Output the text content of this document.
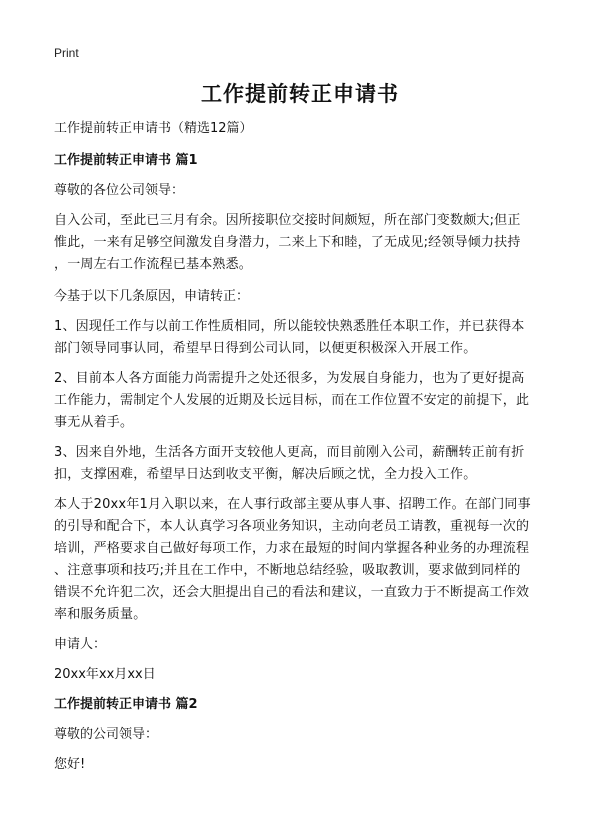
Print
工作提前转正申请书
工作提前转正申请书（精选12篇）
工作提前转正申请书 篇1
尊敬的各位公司领导：
自入公司，至此已三月有余。因所接职位交接时间颇短，所在部门变数颇大;但正
惟此，一来有足够空间激发自身潜力，二来上下和睦，了无成见;经领导倾力扶持
，一周左右工作流程已基本熟悉。
今基于以下几条原因，申请转正：
1、因现任工作与以前工作性质相同，所以能较快熟悉胜任本职工作，并已获得本
部门领导同事认同，希望早日得到公司认同，以便更积极深入开展工作。
2、目前本人各方面能力尚需提升之处还很多，为发展自身能力，也为了更好提高
工作能力，需制定个人发展的近期及长远目标，而在工作位置不安定的前提下，此
事无从着手。
3、因来自外地，生活各方面开支较他人更高，而目前刚入公司，薪酬转正前有折
扣，支撑困难，希望早日达到收支平衡，解决后顾之忧，全力投入工作。
本人于20xx年1月入职以来，在人事行政部主要从事人事、招聘工作。在部门同事
的引导和配合下，本人认真学习各项业务知识，主动向老员工请教，重视每一次的
培训，严格要求自己做好每项工作，力求在最短的时间内掌握各种业务的办理流程
、注意事项和技巧;并且在工作中，不断地总结经验，吸取教训，要求做到同样的
错误不允许犯二次，还会大胆提出自己的看法和建议，一直致力于不断提高工作效
率和服务质量。
申请人：
20xx年xx月xx日
工作提前转正申请书 篇2
尊敬的公司领导：
您好!
